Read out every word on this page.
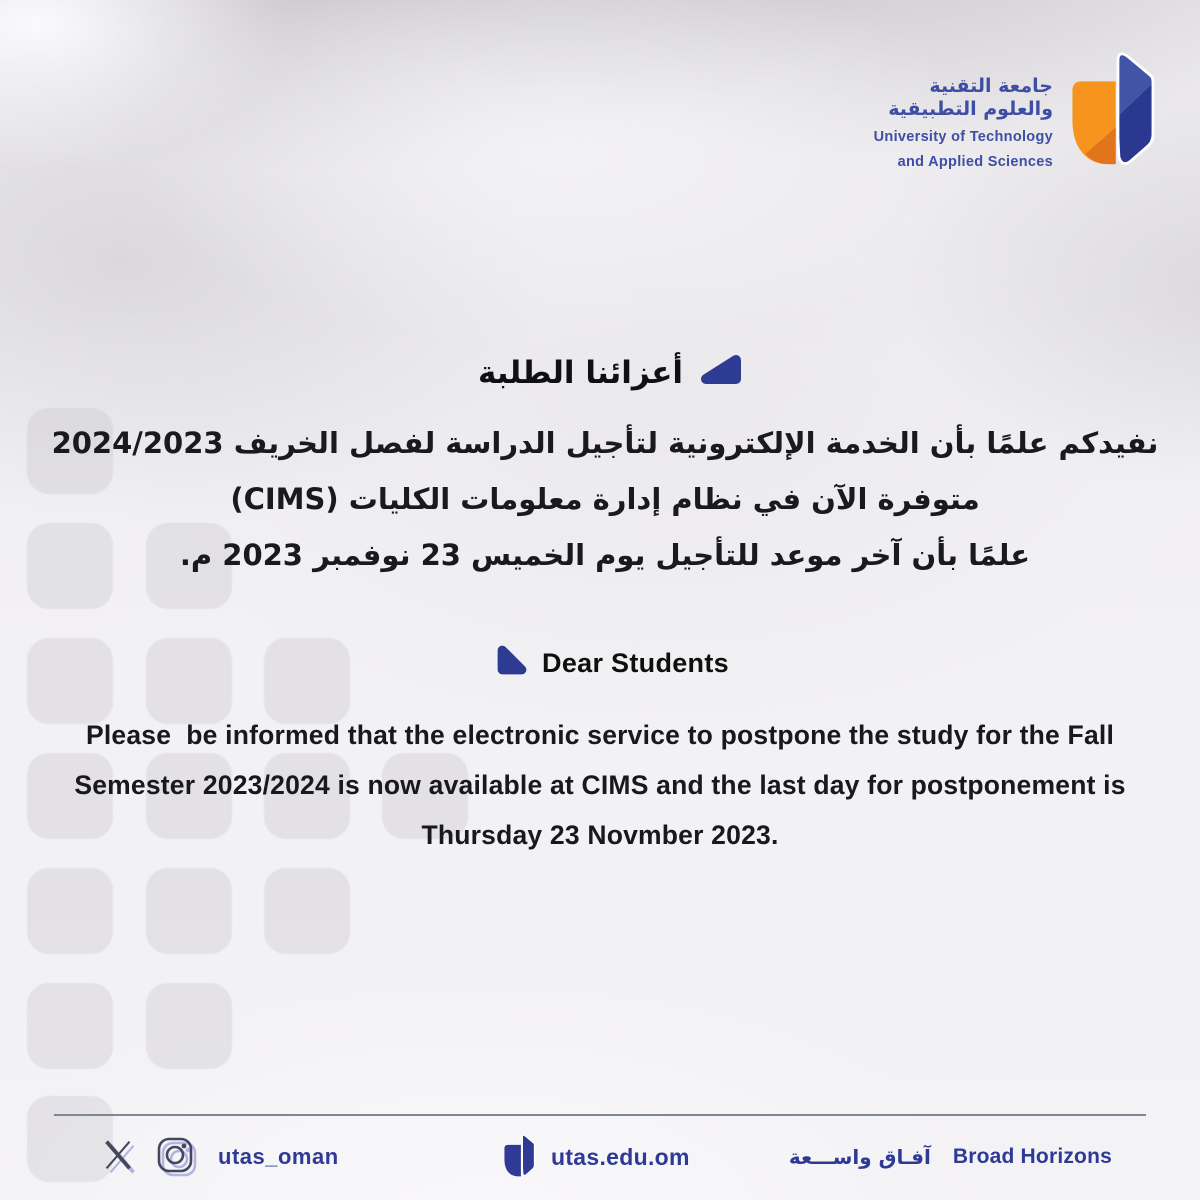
جامعة التقنية
والعلوم التطبيقية
University of Technology
and Applied Sciences
أعزائنا الطلبة
نفيدكم علمًا بأن الخدمة الإلكترونية لتأجيل الدراسة لفصل الخريف 2024/2023
متوفرة الآن في نظام إدارة معلومات الكليات (CIMS)
علمًا بأن آخر موعد للتأجيل يوم الخميس 23 نوفمبر 2023 م.
Dear Students
Please  be informed that the electronic service to postpone the study for the Fall
Semester 2023/2024 is now available at CIMS and the last day for postponement is
Thursday 23 Novmber 2023.
utas_oman	utas.edu.om	آفـاق واســـعة Broad Horizons
